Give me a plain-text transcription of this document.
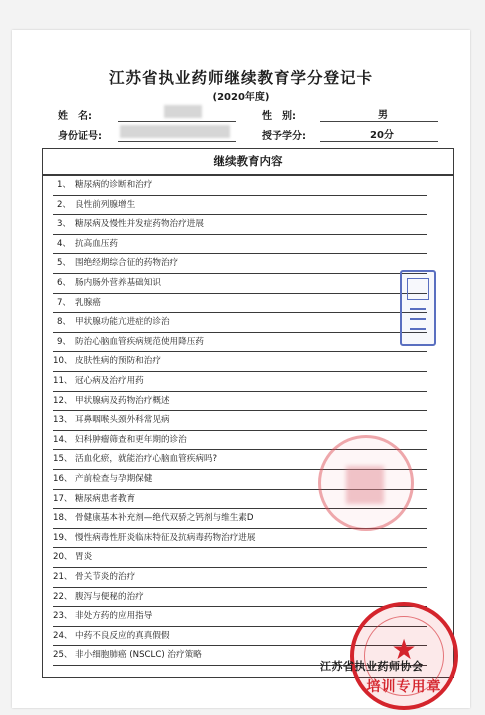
江苏省执业药师继续教育学分登记卡
(2020年度)
姓　名:	性　别:	男
身份证号:	授予学分:	20分
继续教育内容
1、 糖尿病的诊断和治疗
2、 良性前列腺增生
3、 糖尿病及慢性并发症药物治疗进展
4、 抗高血压药
5、 围绝经期综合征的药物治疗
6、 肠内肠外营养基础知识
7、 乳腺癌
8、 甲状腺功能亢进症的诊治
9、 防治心脑血管疾病规范使用降压药
10、 皮肤性病的预防和治疗
11、 冠心病及治疗用药
12、 甲状腺病及药物治疗概述
13、 耳鼻咽喉头颈外科常见病
14、 妇科肿瘤筛查和更年期的诊治
15、 活血化瘀，就能治疗心脑血管疾病吗?
16、 产前检查与孕期保健
17、 糖尿病患者教育
18、 骨健康基本补充剂—绝代双骄之钙剂与维生素D
19、 慢性病毒性肝炎临床特征及抗病毒药物治疗进展
20、 胃炎
21、 骨关节炎的治疗
22、 腹泻与便秘的治疗
23、 非处方药的应用指导
24、 中药不良反应的真真假假
25、 非小细胞肺癌 (NSCLC) 治疗策略	★
培训专用章
江苏省执业药师协会
